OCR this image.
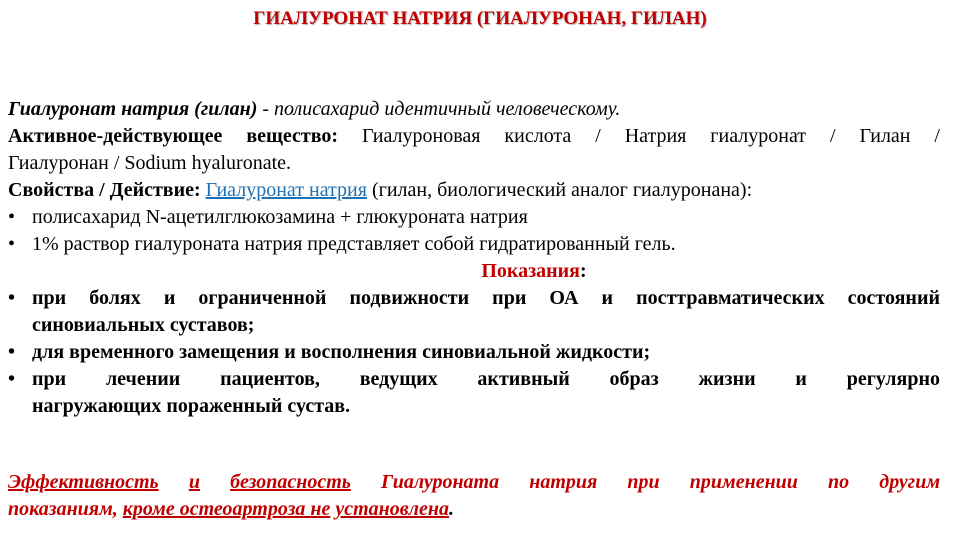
ГИАЛУРОНАТ НАТРИЯ (ГИАЛУРОНАН, ГИЛАН)

Гиалуронат натрия (гилан) - полисахарид идентичный человеческому.

Активное-действующее вещество: Гиалуроновая кислота / Натрия гиалуронат / Гилан /

Гиалуронан / Sodium hyaluronate.

Свойства / Действие: Гиалуронат натрия (гилан, биологический аналог гиалуронана):

• полисахарид N-ацетилглюкозамина + глюкуроната натрия

• 1% раствор гиалуроната натрия представляет собой гидратированный гель.

Показания:

• при болях и ограниченной подвижности при ОА и посттравматических состояний

синовиальных суставов;

• для временного замещения и восполнения синовиальной жидкости;

• при лечении пациентов, ведущих активный образ жизни и регулярно

нагружающих пораженный сустав.

Эффективность и безопасность Гиалуроната натрия при применении по другим

показаниям, кроме остеоартроза не установлена.
